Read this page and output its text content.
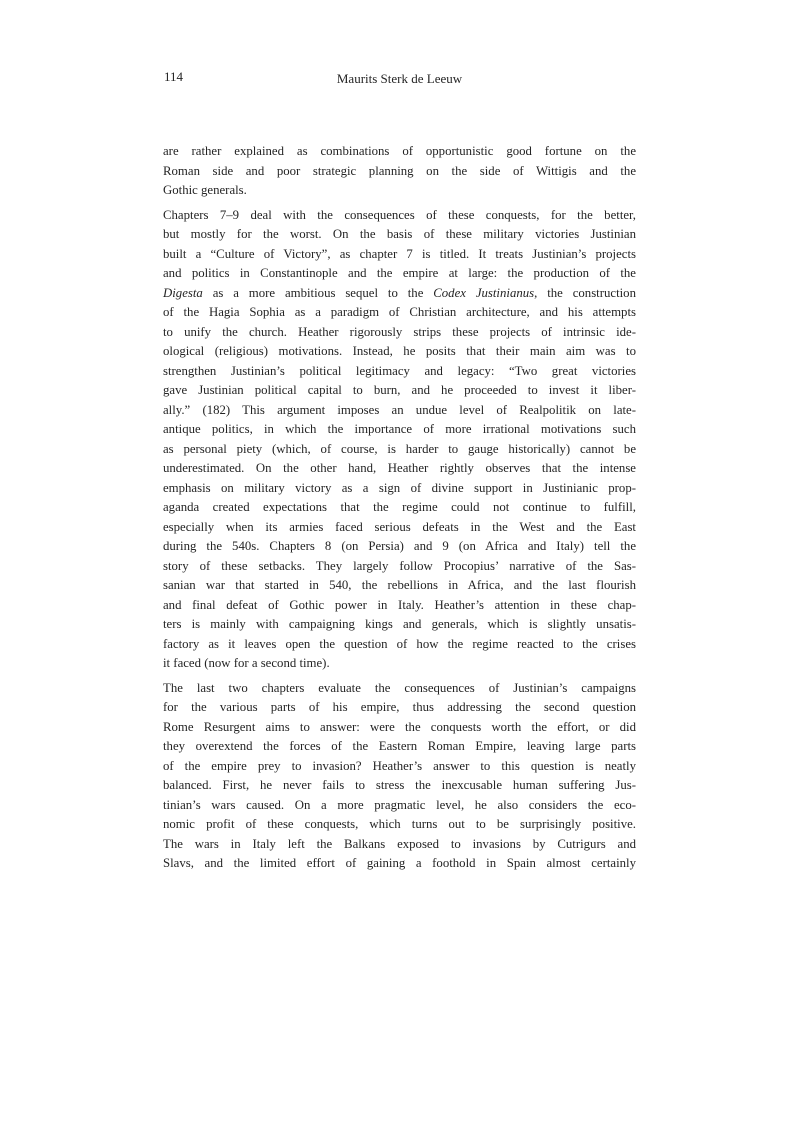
114	Maurits Sterk de Leeuw
are rather explained as combinations of opportunistic good fortune on the
Roman side and poor strategic planning on the side of Wittigis and the
Gothic generals.
Chapters 7–9 deal with the consequences of these conquests, for the better,
but mostly for the worst. On the basis of these military victories Justinian
built a “Culture of Victory”, as chapter 7 is titled. It treats Justinian’s projects
and politics in Constantinople and the empire at large: the production of the
Digesta as a more ambitious sequel to the Codex Justinianus, the construction
of the Hagia Sophia as a paradigm of Christian architecture, and his attempts
to unify the church. Heather rigorously strips these projects of intrinsic ide-
ological (religious) motivations. Instead, he posits that their main aim was to
strengthen Justinian’s political legitimacy and legacy: “Two great victories
gave Justinian political capital to burn, and he proceeded to invest it liber-
ally.” (182) This argument imposes an undue level of Realpolitik on late-
antique politics, in which the importance of more irrational motivations such
as personal piety (which, of course, is harder to gauge historically) cannot be
underestimated. On the other hand, Heather rightly observes that the intense
emphasis on military victory as a sign of divine support in Justinianic prop-
aganda created expectations that the regime could not continue to fulfill,
especially when its armies faced serious defeats in the West and the East
during the 540s. Chapters 8 (on Persia) and 9 (on Africa and Italy) tell the
story of these setbacks. They largely follow Procopius’ narrative of the Sas-
sanian war that started in 540, the rebellions in Africa, and the last flourish
and final defeat of Gothic power in Italy. Heather’s attention in these chap-
ters is mainly with campaigning kings and generals, which is slightly unsatis-
factory as it leaves open the question of how the regime reacted to the crises
it faced (now for a second time).
The last two chapters evaluate the consequences of Justinian’s campaigns
for the various parts of his empire, thus addressing the second question
Rome Resurgent aims to answer: were the conquests worth the effort, or did
they overextend the forces of the Eastern Roman Empire, leaving large parts
of the empire prey to invasion? Heather’s answer to this question is neatly
balanced. First, he never fails to stress the inexcusable human suffering Jus-
tinian’s wars caused. On a more pragmatic level, he also considers the eco-
nomic profit of these conquests, which turns out to be surprisingly positive.
The wars in Italy left the Balkans exposed to invasions by Cutrigurs and
Slavs, and the limited effort of gaining a foothold in Spain almost certainly
